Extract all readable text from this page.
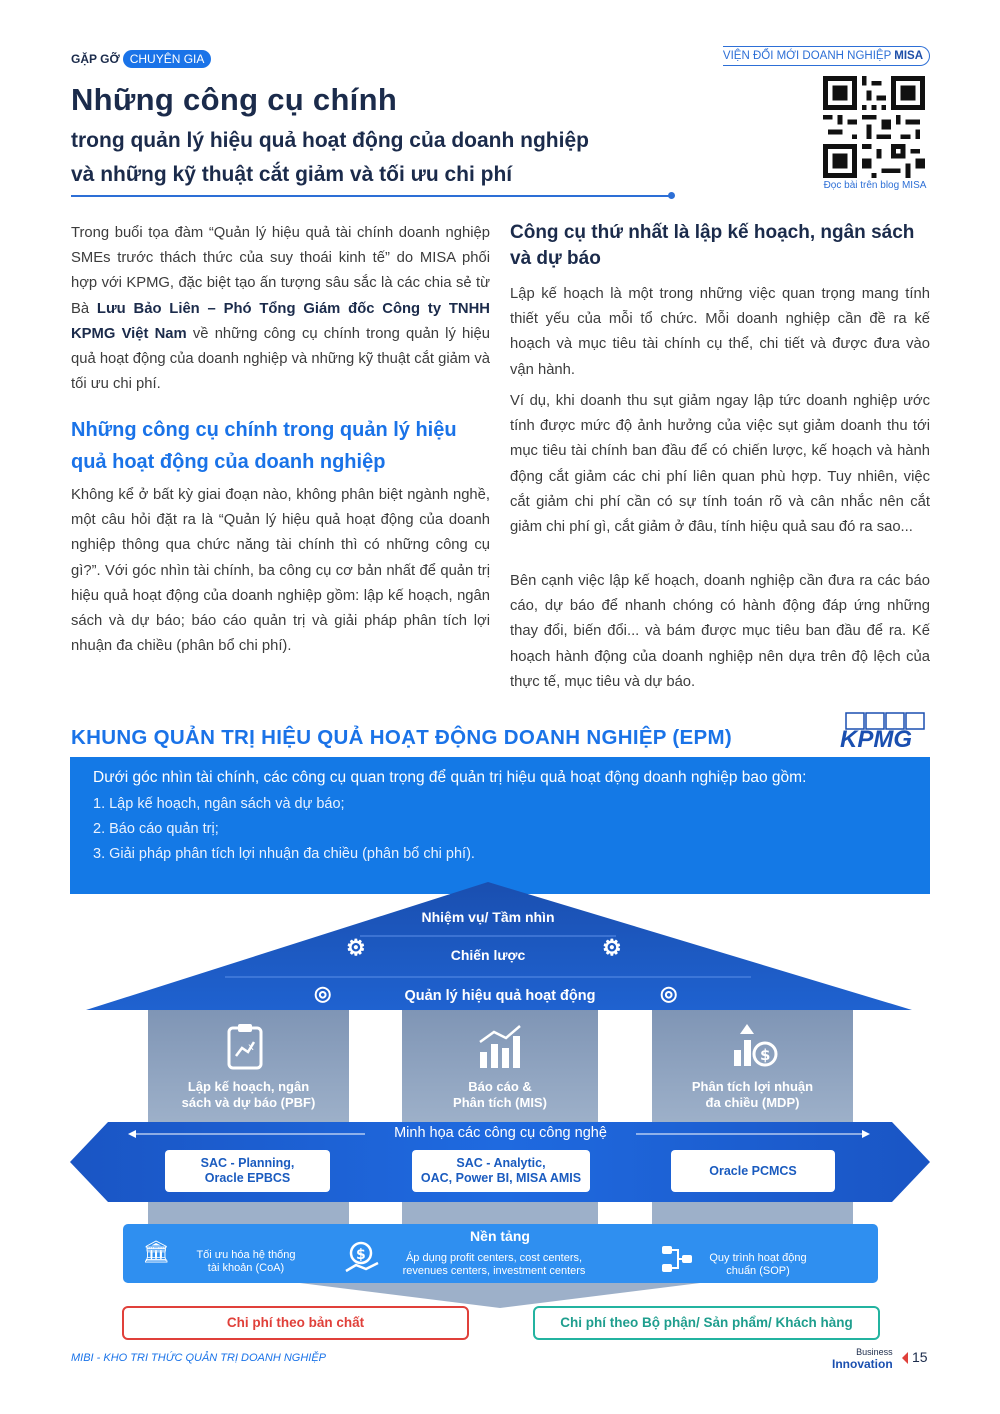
GẶP GỠ CHUYÊN GIA	VIỆN ĐỔI MỚI DOANH NGHIỆP MISA
Những công cụ chính
trong quản lý hiệu quả hoạt động của doanh nghiệp
và những kỹ thuật cắt giảm và tối ưu chi phí	Đọc bài trên blog MISA
Trong buổi tọa đàm “Quản lý hiệu quả tài chính doanh nghiệp SMEs trước thách thức của suy thoái kinh tế” do MISA phối hợp với KPMG, đặc biệt tạo ấn tượng sâu sắc là các chia sẻ từ Bà Lưu Bảo Liên – Phó Tổng Giám đốc Công ty TNHH KPMG Việt Nam về những công cụ chính trong quản lý hiệu quả hoạt động của doanh nghiệp và những kỹ thuật cắt giảm và tối ưu chi phí.
Những công cụ chính trong quản lý hiệu quả hoạt động của doanh nghiệp
Không kể ở bất kỳ giai đoạn nào, không phân biệt ngành nghề, một câu hỏi đặt ra là “Quản lý hiệu quả hoạt động của doanh nghiệp thông qua chức năng tài chính thì có những công cụ gì?”. Với góc nhìn tài chính, ba công cụ cơ bản nhất để quản trị hiệu quả hoạt động của doanh nghiệp gồm: lập kế hoạch, ngân sách và dự báo; báo cáo quản trị và giải pháp phân tích lợi nhuận đa chiều (phân bổ chi phí).
Công cụ thứ nhất là lập kế hoạch, ngân sách và dự báo
Lập kế hoạch là một trong những việc quan trọng mang tính thiết yếu của mỗi tổ chức. Mỗi doanh nghiệp cần đề ra kế hoạch và mục tiêu tài chính cụ thể, chi tiết và được đưa vào vận hành.
Ví dụ, khi doanh thu sụt giảm ngay lập tức doanh nghiệp ước tính được mức độ ảnh hưởng của việc sụt giảm doanh thu tới mục tiêu tài chính ban đầu để có chiến lược, kế hoạch và hành động cắt giảm các chi phí liên quan phù hợp. Tuy nhiên, việc cắt giảm chi phí cần có sự tính toán rõ và cân nhắc nên cắt giảm chi phí gì, cắt giảm ở đâu, tính hiệu quả sau đó ra sao...
Bên cạnh việc lập kế hoạch, doanh nghiệp cần đưa ra các báo cáo, dự báo để nhanh chóng có hành động đáp ứng những thay đổi, biến đổi... và bám được mục tiêu ban đầu để ra. Kế hoạch hành động của doanh nghiệp nên dựa trên độ lệch của thực tế, mục tiêu và dự báo.
KHUNG QUẢN TRỊ HIỆU QUẢ HOẠT ĐỘNG DOANH NGHIỆP (EPM)	KPMG
Dưới góc nhìn tài chính, các công cụ quan trọng để quản trị hiệu quả hoạt động doanh nghiệp bao gồm:
1. Lập kế hoạch, ngân sách và dự báo;
2. Báo cáo quản trị;
3. Giải pháp phân tích lợi nhuận đa chiều (phân bổ chi phí).
Nhiệm vụ/ Tầm nhìn
Chiến lược
Quản lý hiệu quả hoạt động
⚙	⚙
◎	◎
x	$
Lập kế hoạch, ngân
sách và dự báo (PBF)
Báo cáo &
Phân tích (MIS)
Phân tích lợi nhuận
đa chiều (MDP)
Minh họa các công cụ công nghệ
SAC - Planning,
Oracle EPBCS
SAC - Analytic,
OAC, Power BI, MISA AMIS
Oracle PCMCS
Nền tảng
🏛	Tối ưu hóa hệ thống
tài khoản (CoA)
$	Áp dụng profit centers, cost centers,
revenues centers, investment centers
Quy trình hoạt động
chuẩn (SOP)
Chi phí theo bản chất	Chi phí theo Bộ phận/ Sản phẩm/ Khách hàng
MIBI - KHO TRI THỨC QUẢN TRỊ DOANH NGHIỆP	Business
Innovation 15
